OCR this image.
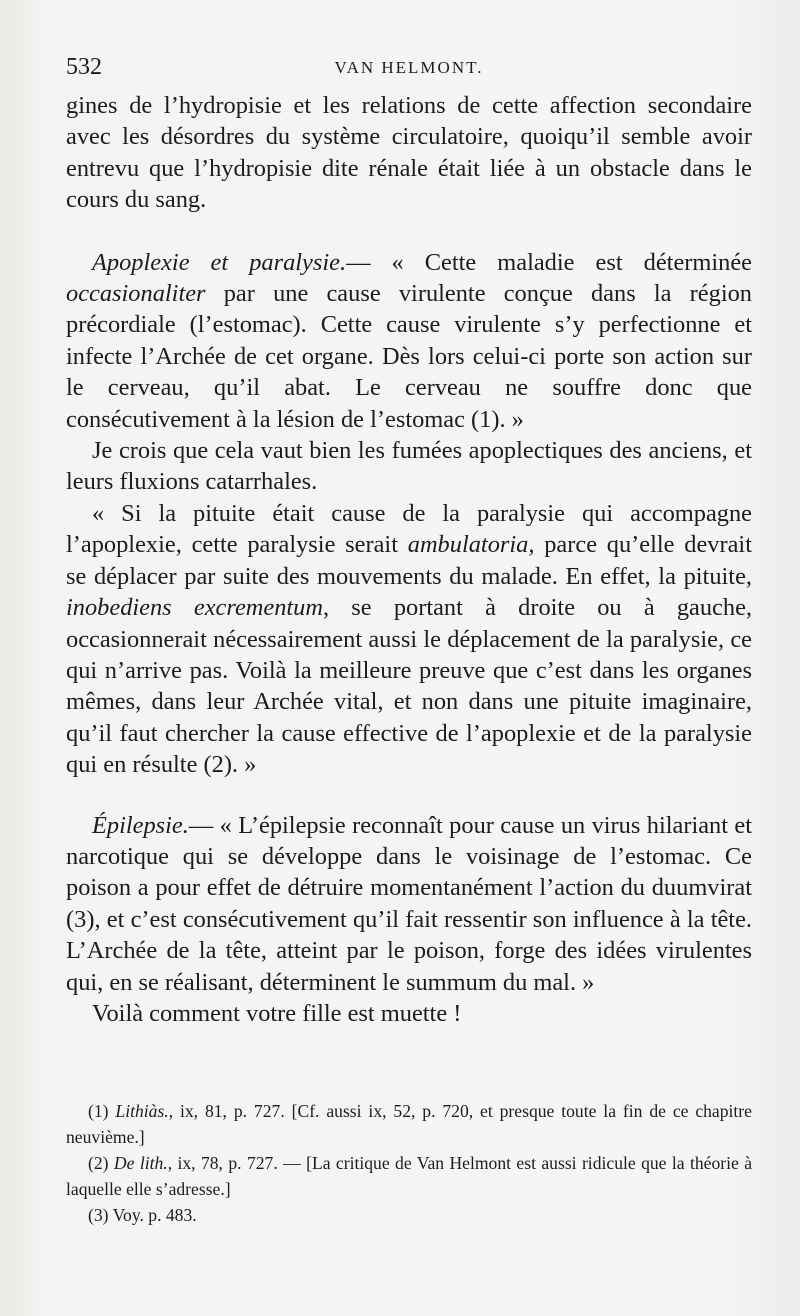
532	VAN HELMONT.

gines de l’hydropisie et les relations de cette affection secondaire avec les désordres du système circulatoire, quoiqu’il semble avoir entrevu que l’hydropisie dite rénale était liée à un obstacle dans le cours du sang.

Apoplexie et paralysie.— « Cette maladie est déterminée occasionaliter par une cause virulente conçue dans la région précordiale (l’estomac). Cette cause virulente s’y perfectionne et infecte l’Archée de cet organe. Dès lors celui-ci porte son action sur le cerveau, qu’il abat. Le cerveau ne souffre donc que consécutivement à la lésion de l’estomac (1). »

Je crois que cela vaut bien les fumées apoplectiques des anciens, et leurs fluxions catarrhales.

« Si la pituite était cause de la paralysie qui accompagne l’apoplexie, cette paralysie serait ambulatoria, parce qu’elle devrait se déplacer par suite des mouvements du malade. En effet, la pituite, inobediens excrementum, se portant à droite ou à gauche, occasionnerait nécessairement aussi le déplacement de la paralysie, ce qui n’arrive pas. Voilà la meilleure preuve que c’est dans les organes mêmes, dans leur Archée vital, et non dans une pituite imaginaire, qu’il faut chercher la cause effective de l’apoplexie et de la paralysie qui en résulte (2). »

Épilepsie.— « L’épilepsie reconnaît pour cause un virus hilariant et narcotique qui se développe dans le voisinage de l’estomac. Ce poison a pour effet de détruire momentanément l’action du duumvirat (3), et c’est consécutivement qu’il fait ressentir son influence à la tête. L’Archée de la tête, atteint par le poison, forge des idées virulentes qui, en se réalisant, déterminent le summum du mal. »

Voilà comment votre fille est muette !

(1) Lithiàs., ix, 81, p. 727. [Cf. aussi ix, 52, p. 720, et presque toute la fin de ce chapitre neuvième.]

(2) De lith., ix, 78, p. 727. — [La critique de Van Helmont est aussi ridicule que la théorie à laquelle elle s’adresse.]

(3) Voy. p. 483.
